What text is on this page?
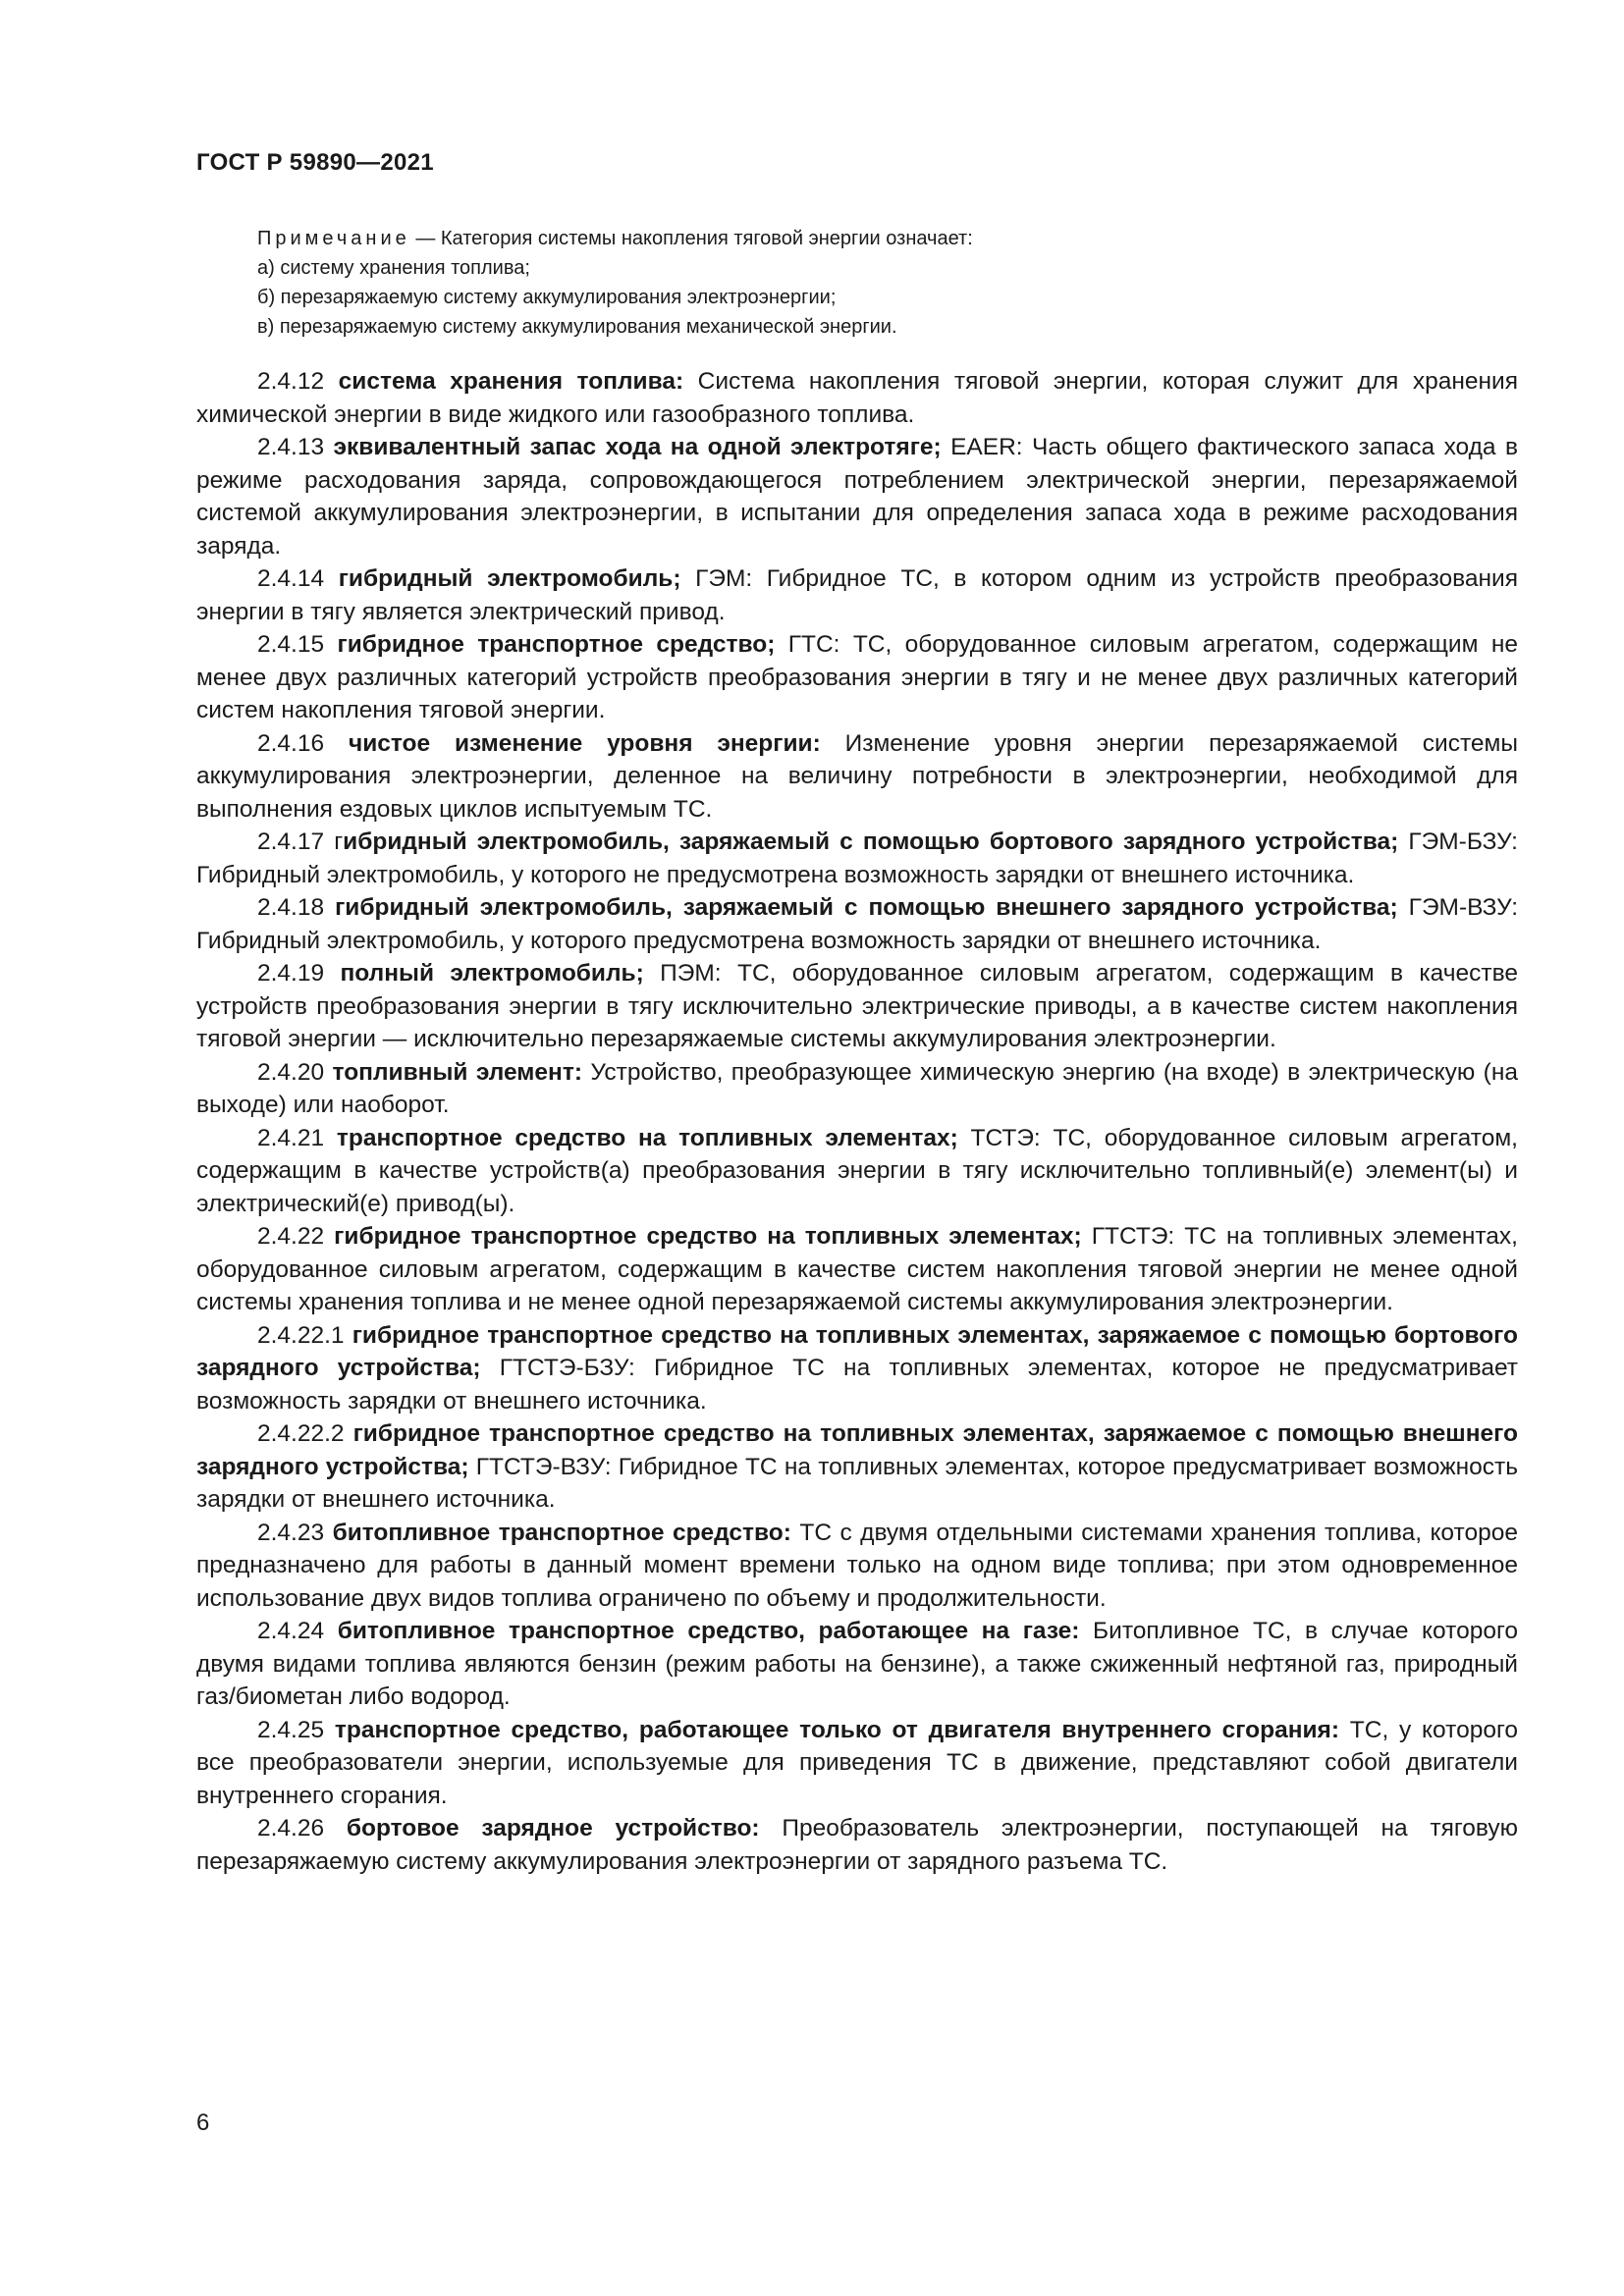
ГОСТ Р 59890—2021

Примечание — Категория системы накопления тяговой энергии означает:

а) систему хранения топлива;

б) перезаряжаемую систему аккумулирования электроэнергии;

в) перезаряжаемую систему аккумулирования механической энергии.

2.4.12 система хранения топлива: Система накопления тяговой энергии, которая служит для хранения химической энергии в виде жидкого или газообразного топлива.

2.4.13 эквивалентный запас хода на одной электротяге; EAER: Часть общего фактического запаса хода в режиме расходования заряда, сопровождающегося потреблением электрической энергии, перезаряжаемой системой аккумулирования электроэнергии, в испытании для определения запаса хода в режиме расходования заряда.

2.4.14 гибридный электромобиль; ГЭМ: Гибридное ТС, в котором одним из устройств преобразования энергии в тягу является электрический привод.

2.4.15 гибридное транспортное средство; ГТС: ТС, оборудованное силовым агрегатом, содержащим не менее двух различных категорий устройств преобразования энергии в тягу и не менее двух различных категорий систем накопления тяговой энергии.

2.4.16 чистое изменение уровня энергии: Изменение уровня энергии перезаряжаемой системы аккумулирования электроэнергии, деленное на величину потребности в электроэнергии, необходимой для выполнения ездовых циклов испытуемым ТС.

2.4.17 гибридный электромобиль, заряжаемый с помощью бортового зарядного устройства; ГЭМ-БЗУ: Гибридный электромобиль, у которого не предусмотрена возможность зарядки от внешнего источника.

2.4.18 гибридный электромобиль, заряжаемый с помощью внешнего зарядного устройства; ГЭМ-ВЗУ: Гибридный электромобиль, у которого предусмотрена возможность зарядки от внешнего источника.

2.4.19 полный электромобиль; ПЭМ: ТС, оборудованное силовым агрегатом, содержащим в качестве устройств преобразования энергии в тягу исключительно электрические приводы, а в качестве систем накопления тяговой энергии — исключительно перезаряжаемые системы аккумулирования электроэнергии.

2.4.20 топливный элемент: Устройство, преобразующее химическую энергию (на входе) в электрическую (на выходе) или наоборот.

2.4.21 транспортное средство на топливных элементах; ТСТЭ: ТС, оборудованное силовым агрегатом, содержащим в качестве устройств(а) преобразования энергии в тягу исключительно топливный(е) элемент(ы) и электрический(е) привод(ы).

2.4.22 гибридное транспортное средство на топливных элементах; ГТСТЭ: ТС на топливных элементах, оборудованное силовым агрегатом, содержащим в качестве систем накопления тяговой энергии не менее одной системы хранения топлива и не менее одной перезаряжаемой системы аккумулирования электроэнергии.

2.4.22.1 гибридное транспортное средство на топливных элементах, заряжаемое с помощью бортового зарядного устройства; ГТСТЭ-БЗУ: Гибридное ТС на топливных элементах, которое не предусматривает возможность зарядки от внешнего источника.

2.4.22.2 гибридное транспортное средство на топливных элементах, заряжаемое с помощью внешнего зарядного устройства; ГТСТЭ-ВЗУ: Гибридное ТС на топливных элементах, которое предусматривает возможность зарядки от внешнего источника.

2.4.23 битопливное транспортное средство: ТС с двумя отдельными системами хранения топлива, которое предназначено для работы в данный момент времени только на одном виде топлива; при этом одновременное использование двух видов топлива ограничено по объему и продолжительности.

2.4.24 битопливное транспортное средство, работающее на газе: Битопливное ТС, в случае которого двумя видами топлива являются бензин (режим работы на бензине), а также сжиженный нефтяной газ, природный газ/биометан либо водород.

2.4.25 транспортное средство, работающее только от двигателя внутреннего сгорания: ТС, у которого все преобразователи энергии, используемые для приведения ТС в движение, представляют собой двигатели внутреннего сгорания.

2.4.26 бортовое зарядное устройство: Преобразователь электроэнергии, поступающей на тяговую перезаряжаемую систему аккумулирования электроэнергии от зарядного разъема ТС.

6
